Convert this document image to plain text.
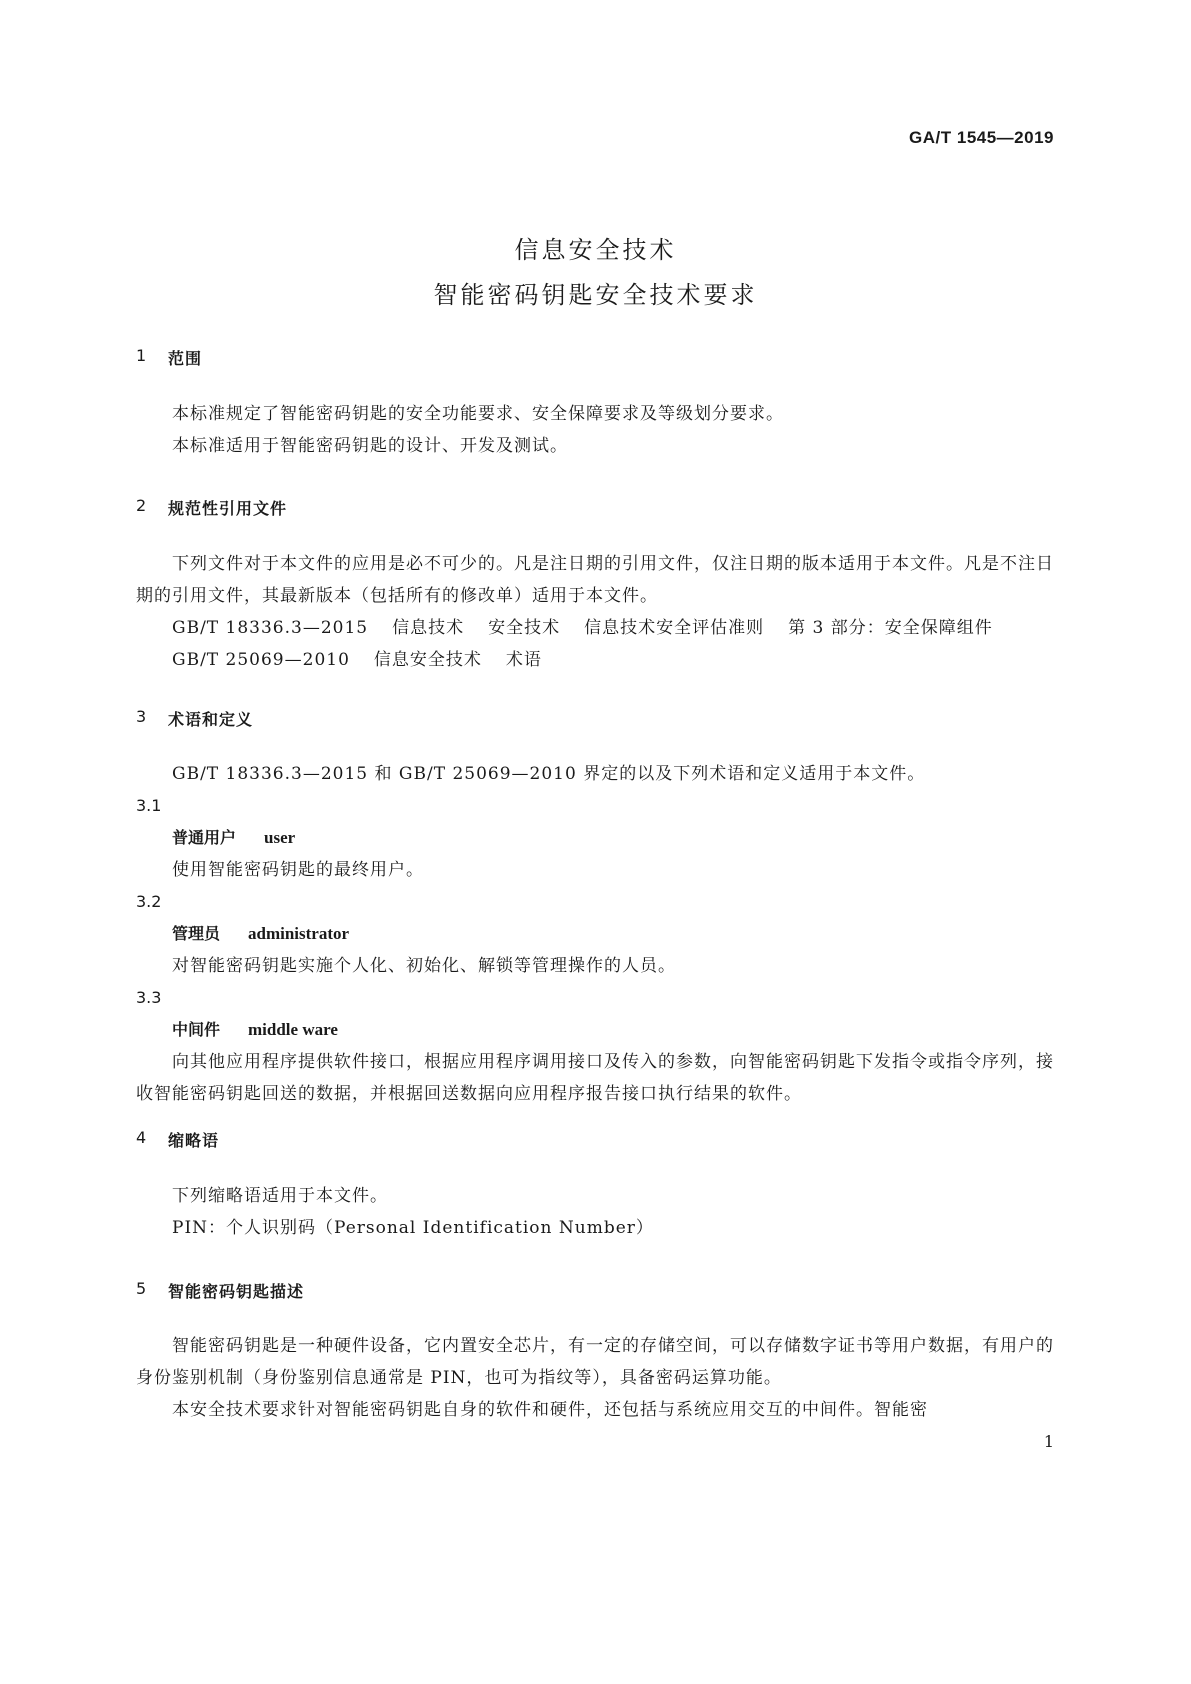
GA/T 1545—2019
信息安全技术
智能密码钥匙安全技术要求
1	范围

本标准规定了智能密码钥匙的安全功能要求、安全保障要求及等级划分要求。

本标准适用于智能密码钥匙的设计、开发及测试。

2	规范性引用文件

下列文件对于本文件的应用是必不可少的。凡是注日期的引用文件，仅注日期的版本适用于本文件。凡是不注日期的引用文件，其最新版本（包括所有的修改单）适用于本文件。

GB/T 18336.3—2015 信息技术 安全技术 信息技术安全评估准则 第 3 部分：安全保障组件
GB/T 25069—2010 信息安全技术 术语
3	术语和定义

GB/T 18336.3—2015 和 GB/T 25069—2010 界定的以及下列术语和定义适用于本文件。

3.1
普通用户 user

使用智能密码钥匙的最终用户。

3.2
管理员 administrator

对智能密码钥匙实施个人化、初始化、解锁等管理操作的人员。

3.3
中间件 middle ware

向其他应用程序提供软件接口，根据应用程序调用接口及传入的参数，向智能密码钥匙下发指令或指令序列，接收智能密码钥匙回送的数据，并根据回送数据向应用程序报告接口执行结果的软件。

4	缩略语

下列缩略语适用于本文件。

PIN：个人识别码（Personal Identification Number）

5	智能密码钥匙描述

智能密码钥匙是一种硬件设备，它内置安全芯片，有一定的存储空间，可以存储数字证书等用户数据，有用户的身份鉴别机制（身份鉴别信息通常是 PIN，也可为指纹等），具备密码运算功能。

本安全技术要求针对智能密码钥匙自身的软件和硬件，还包括与系统应用交互的中间件。智能密

1
